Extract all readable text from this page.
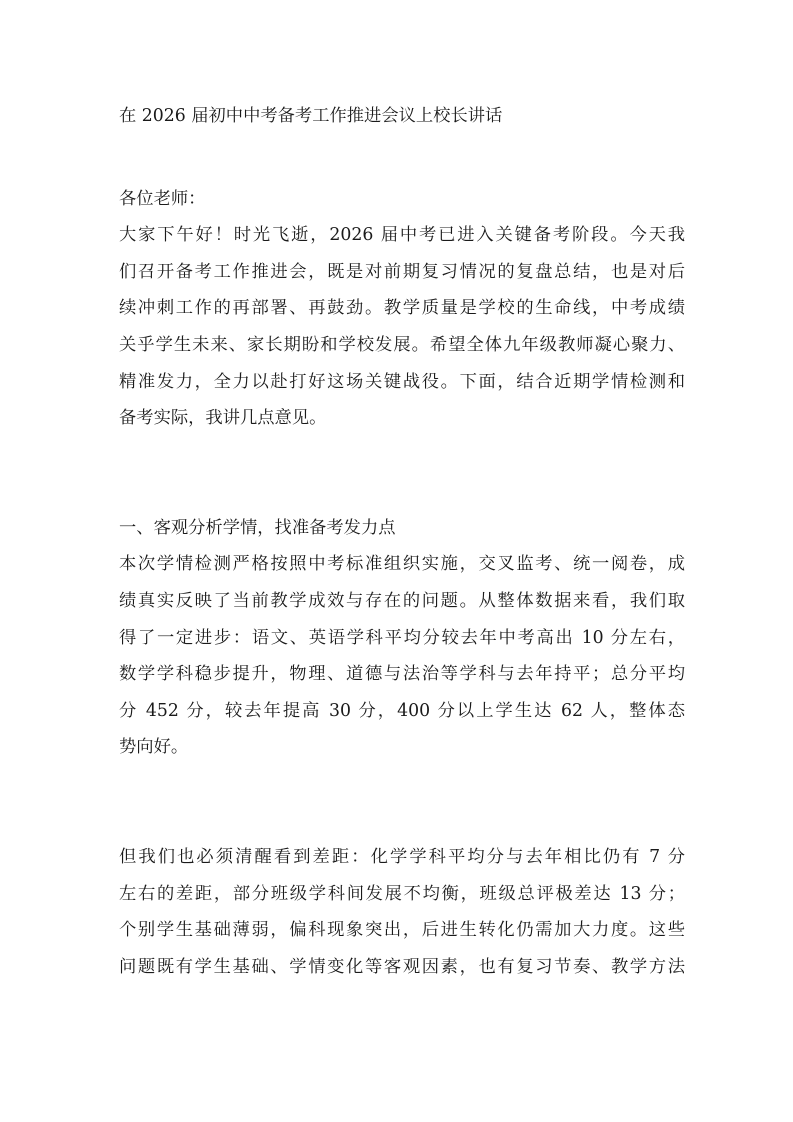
在 2026 届初中中考备考工作推进会议上校长讲话
各位老师：
大家下午好！时光飞逝，2026 届中考已进入关键备考阶段。今天我
们召开备考工作推进会，既是对前期复习情况的复盘总结，也是对后
续冲刺工作的再部署、再鼓劲。教学质量是学校的生命线，中考成绩
关乎学生未来、家长期盼和学校发展。希望全体九年级教师凝心聚力、
精准发力，全力以赴打好这场关键战役。下面，结合近期学情检测和
备考实际，我讲几点意见。
一、客观分析学情，找准备考发力点
本次学情检测严格按照中考标准组织实施，交叉监考、统一阅卷，成
绩真实反映了当前教学成效与存在的问题。从整体数据来看，我们取
得了一定进步：语文、英语学科平均分较去年中考高出 10 分左右，
数学学科稳步提升，物理、道德与法治等学科与去年持平；总分平均
分 452 分，较去年提高 30 分，400 分以上学生达 62 人，整体态
势向好。
但我们也必须清醒看到差距：化学学科平均分与去年相比仍有 7 分
左右的差距，部分班级学科间发展不均衡，班级总评极差达 13 分；
个别学生基础薄弱，偏科现象突出，后进生转化仍需加大力度。这些
问题既有学生基础、学情变化等客观因素，也有复习节奏、教学方法
